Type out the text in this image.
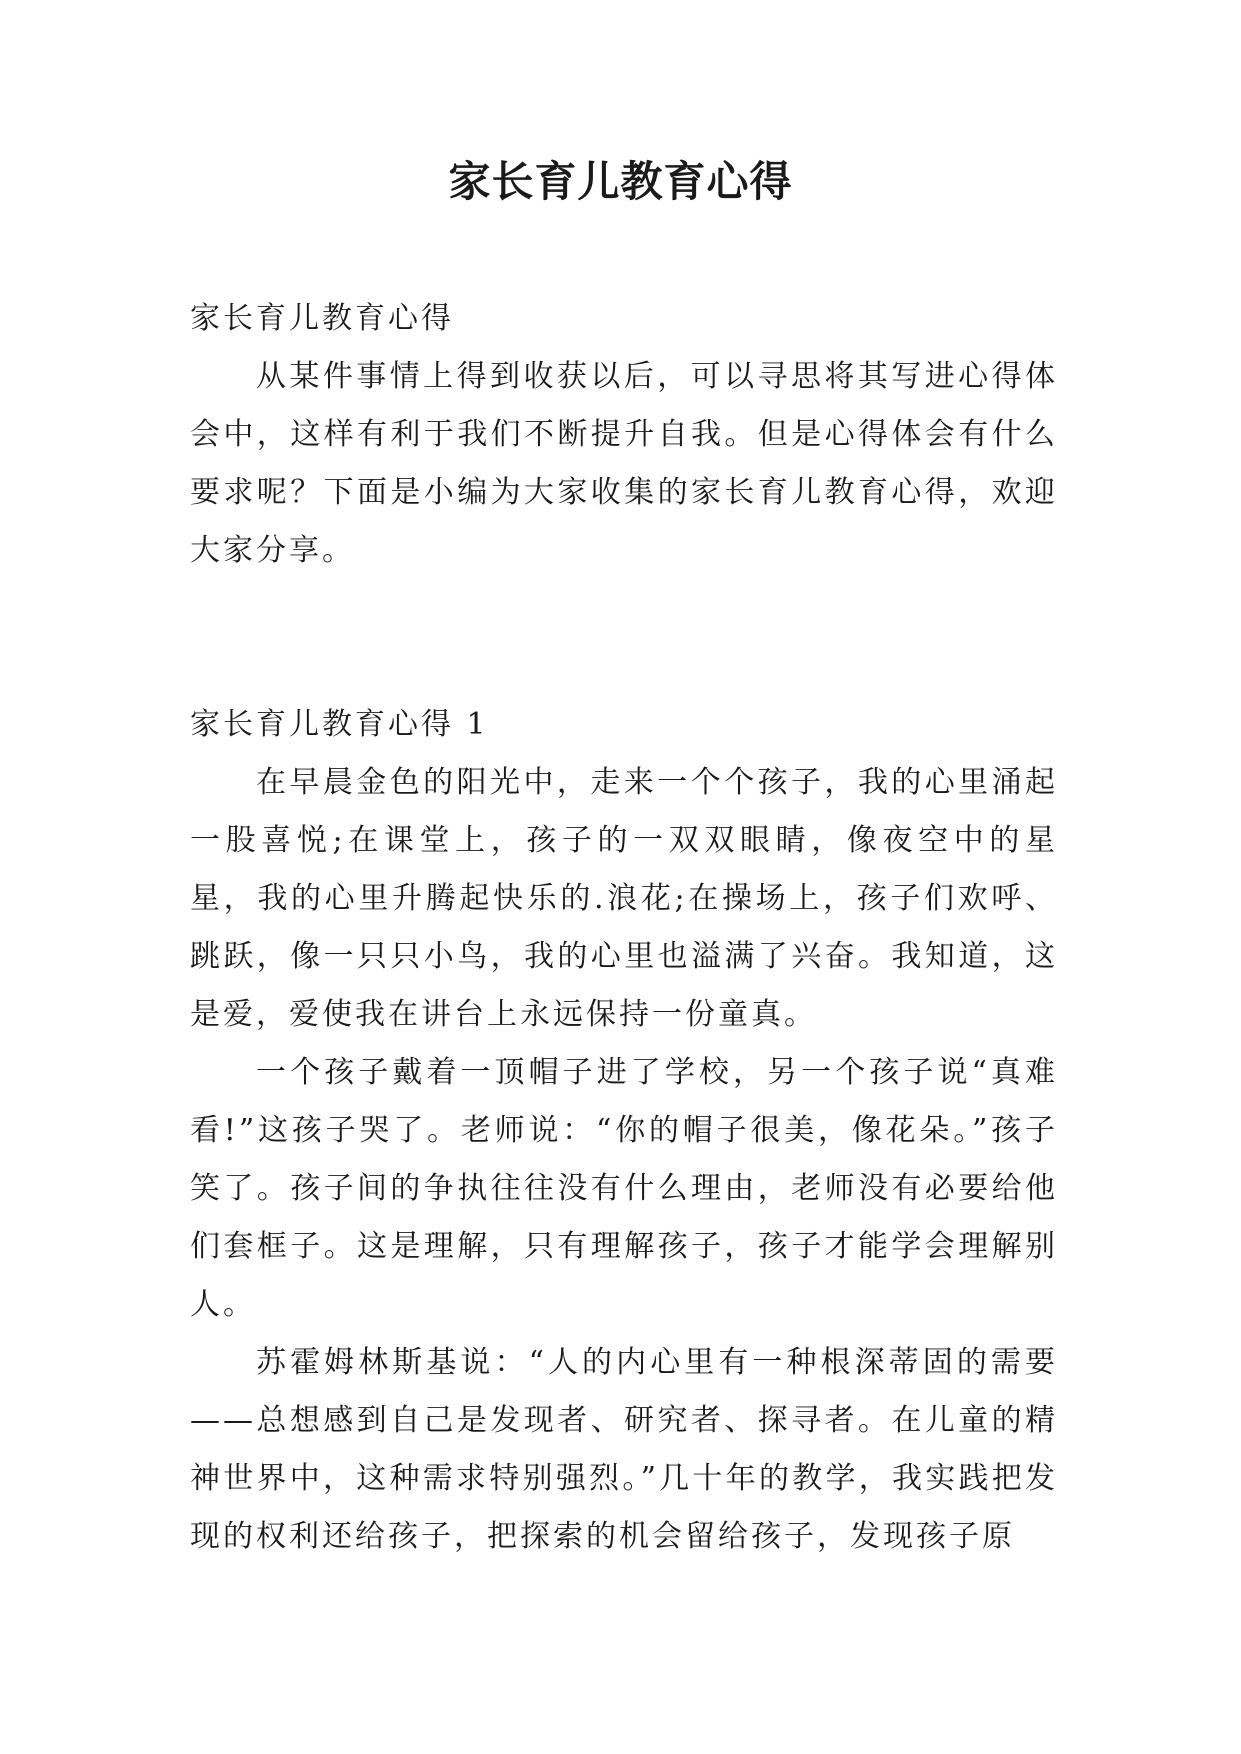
家长育儿教育心得

家长育儿教育心得

从某件事情上得到收获以后，可以寻思将其写进心得体会中，这样有利于我们不断提升自我。但是心得体会有什么要求呢？下面是小编为大家收集的家长育儿教育心得，欢迎大家分享。

家长育儿教育心得 1

在早晨金色的阳光中，走来一个个孩子，我的心里涌起一股喜悦;在课堂上，孩子的一双双眼睛，像夜空中的星星，我的心里升腾起快乐的.浪花;在操场上，孩子们欢呼、跳跃，像一只只小鸟，我的心里也溢满了兴奋。我知道，这是爱，爱使我在讲台上永远保持一份童真。

一个孩子戴着一顶帽子进了学校，另一个孩子说“真难看!”这孩子哭了。老师说：“你的帽子很美，像花朵。”孩子笑了。孩子间的争执往往没有什么理由，老师没有必要给他们套框子。这是理解，只有理解孩子，孩子才能学会理解别人。

苏霍姆林斯基说：“人的内心里有一种根深蒂固的需要——总想感到自己是发现者、研究者、探寻者。在儿童的精神世界中，这种需求特别强烈。”几十年的教学，我实践把发现的权利还给孩子，把探索的机会留给孩子，发现孩子原
